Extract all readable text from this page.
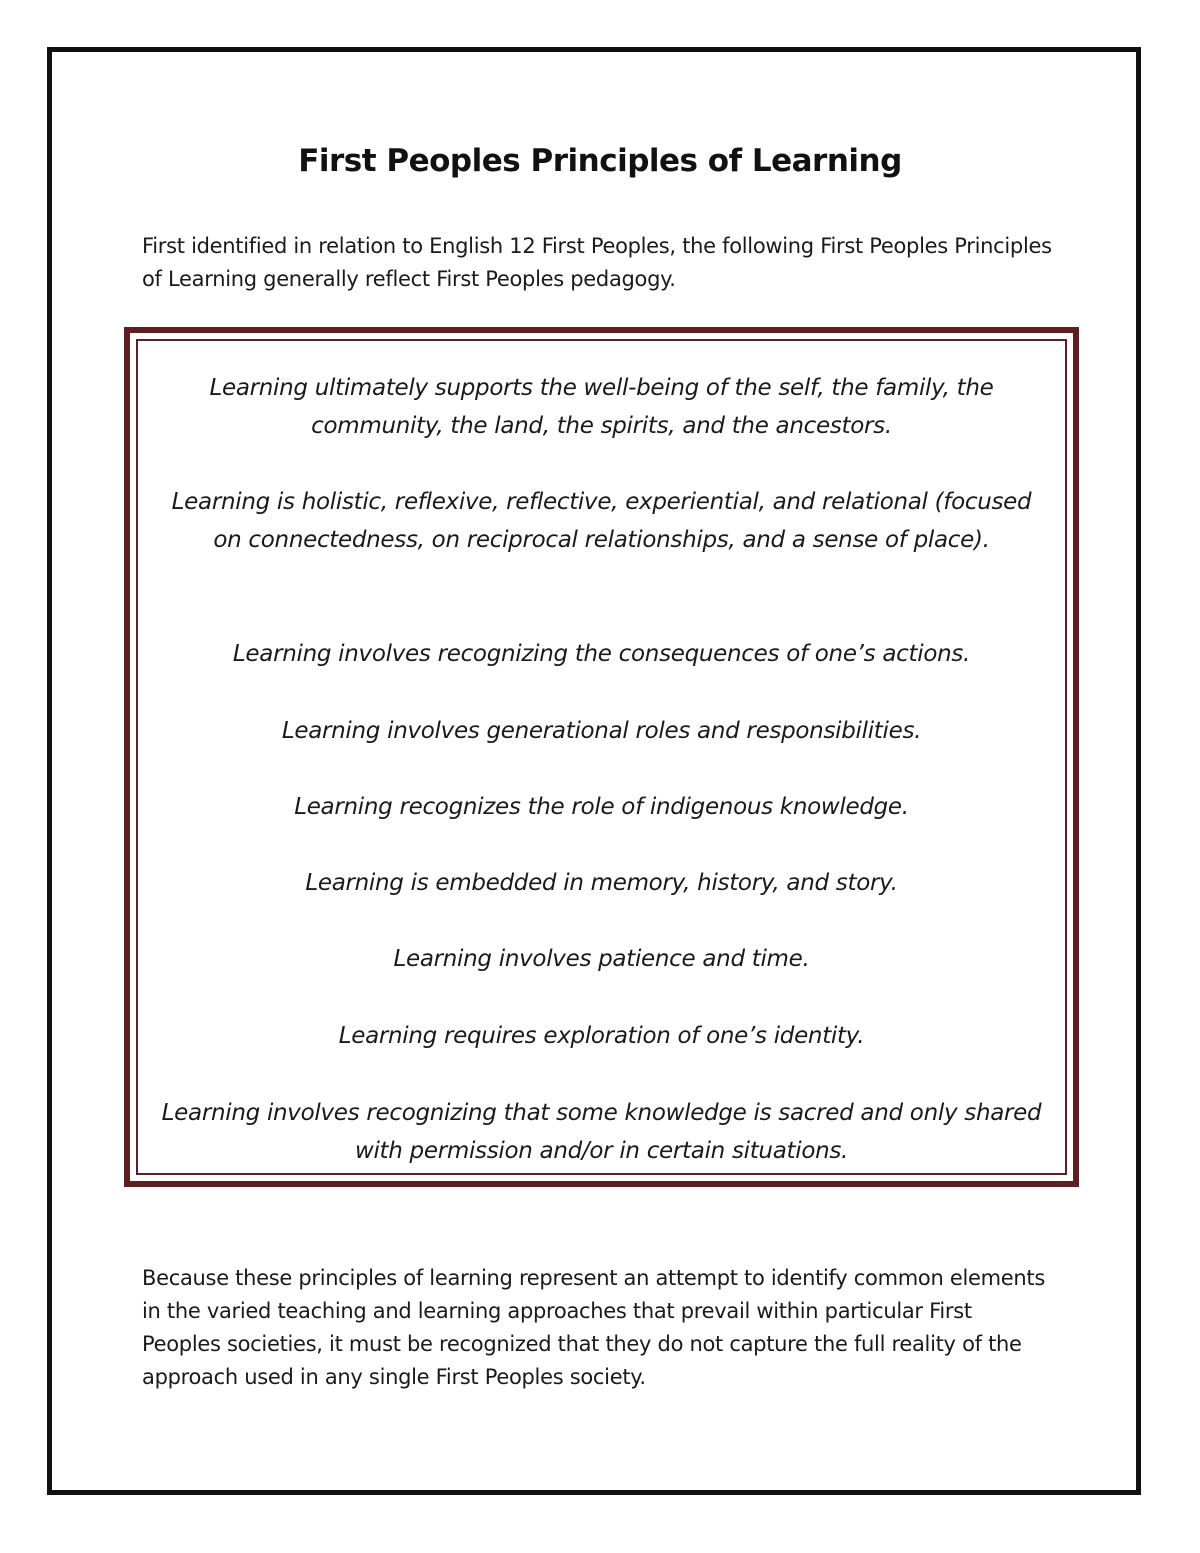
First Peoples Principles of Learning

First identified in relation to English 12 First Peoples, the following First Peoples Principles of Learning generally reflect First Peoples pedagogy.

Learning ultimately supports the well-being of the self, the family, the community, the land, the spirits, and the ancestors.

Learning is holistic, reflexive, reflective, experiential, and relational (focused on connectedness, on reciprocal relationships, and a sense of place).

Learning involves recognizing the consequences of one’s actions.

Learning involves generational roles and responsibilities.

Learning recognizes the role of indigenous knowledge.

Learning is embedded in memory, history, and story.

Learning involves patience and time.

Learning requires exploration of one’s identity.

Learning involves recognizing that some knowledge is sacred and only shared with permission and/or in certain situations.

Because these principles of learning represent an attempt to identify common elements in the varied teaching and learning approaches that prevail within particular First Peoples societies, it must be recognized that they do not capture the full reality of the approach used in any single First Peoples society.
